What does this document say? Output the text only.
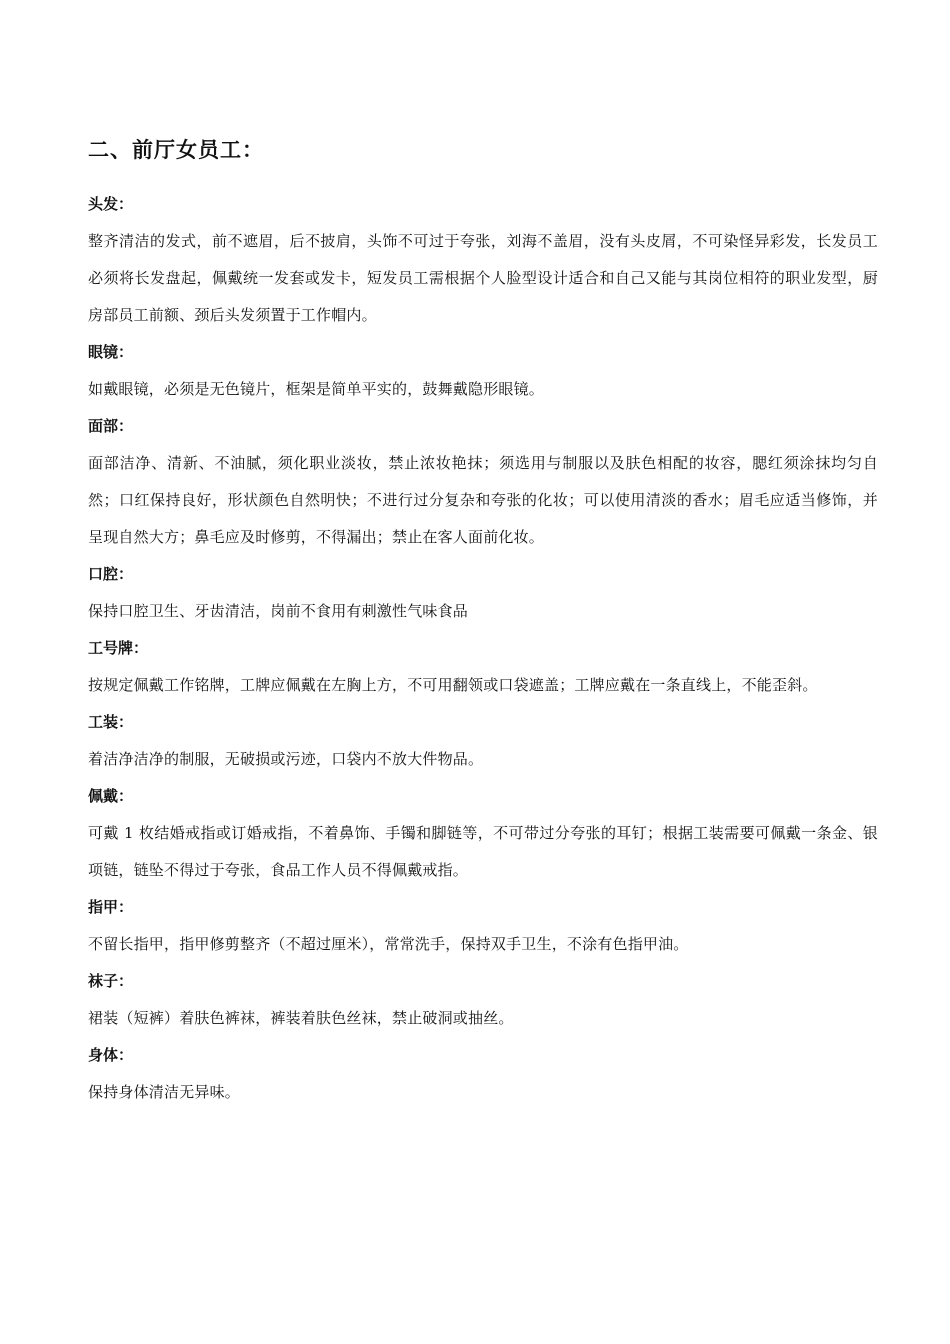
二、前厅女员工：

头发：

整齐清洁的发式，前不遮眉，后不披肩，头饰不可过于夸张，刘海不盖眉，没有头皮屑，不可染怪异彩发，长发员工必须将长发盘起，佩戴统一发套或发卡，短发员工需根据个人脸型设计适合和自己又能与其岗位相符的职业发型，厨房部员工前额、颈后头发须置于工作帽内。

眼镜：

如戴眼镜，必须是无色镜片，框架是简单平实的，鼓舞戴隐形眼镜。

面部：

面部洁净、清新、不油腻，须化职业淡妆，禁止浓妆艳抹；须选用与制服以及肤色相配的妆容，腮红须涂抹均匀自然；口红保持良好，形状颜色自然明快；不进行过分复杂和夸张的化妆；可以使用清淡的香水；眉毛应适当修饰，并呈现自然大方；鼻毛应及时修剪，不得漏出；禁止在客人面前化妆。

口腔：

保持口腔卫生、牙齿清洁，岗前不食用有刺激性气味食品

工号牌：

按规定佩戴工作铭牌，工牌应佩戴在左胸上方，不可用翻领或口袋遮盖；工牌应戴在一条直线上，不能歪斜。

工装：

着洁净洁净的制服，无破损或污迹，口袋内不放大件物品。

佩戴：

可戴 1 枚结婚戒指或订婚戒指，不着鼻饰、手镯和脚链等，不可带过分夸张的耳钉；根据工装需要可佩戴一条金、银项链，链坠不得过于夸张，食品工作人员不得佩戴戒指。

指甲：

不留长指甲，指甲修剪整齐（不超过厘米），常常洗手，保持双手卫生，不涂有色指甲油。

袜子：

裙装（短裤）着肤色裤袜，裤装着肤色丝袜，禁止破洞或抽丝。

身体：

保持身体清洁无异味。
